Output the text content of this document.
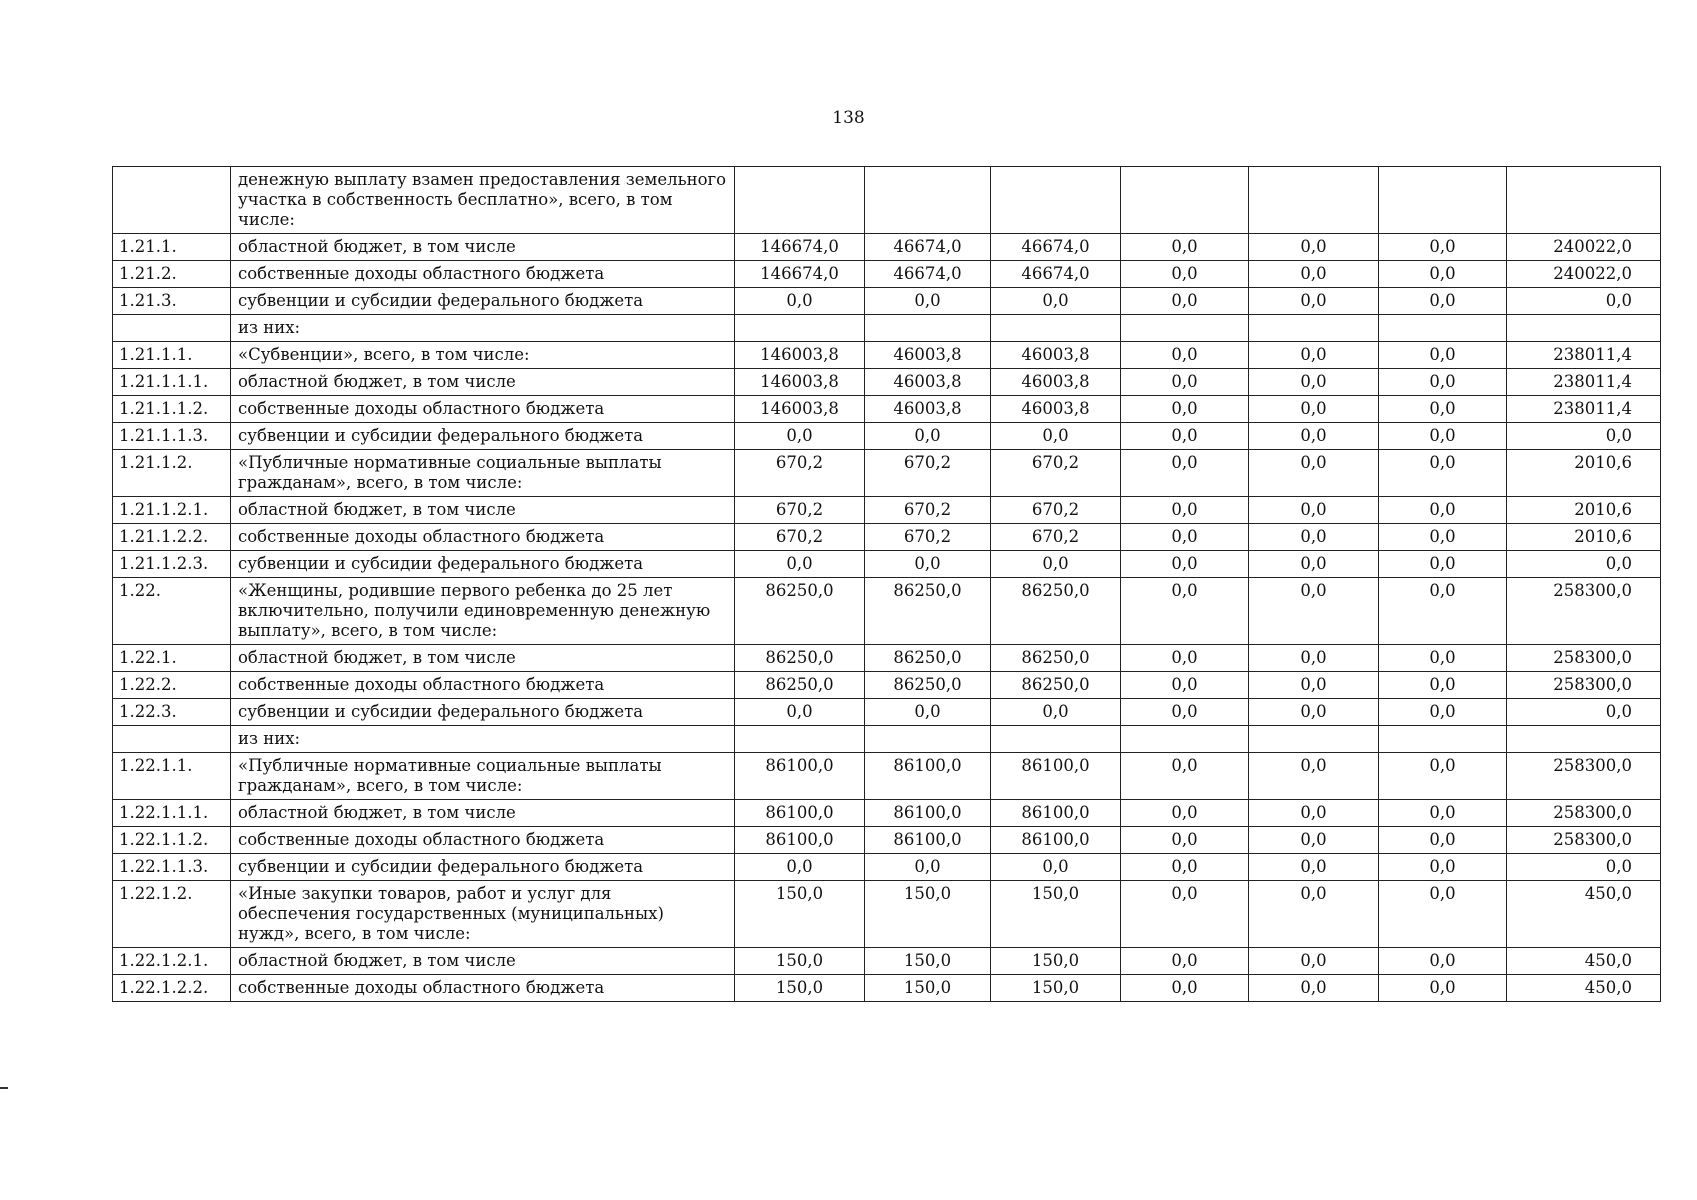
138
	денежную выплату взамен предоставления земельного участка в собственность бесплатно», всего, в том числе:							
1.21.1.	областной бюджет, в том числе	146674,0	46674,0	46674,0	0,0	0,0	0,0	240022,0
1.21.2.	собственные доходы областного бюджета	146674,0	46674,0	46674,0	0,0	0,0	0,0	240022,0
1.21.3.	субвенции и субсидии федерального бюджета	0,0	0,0	0,0	0,0	0,0	0,0	0,0
	из них:							
1.21.1.1.	«Субвенции», всего, в том числе:	146003,8	46003,8	46003,8	0,0	0,0	0,0	238011,4
1.21.1.1.1.	областной бюджет, в том числе	146003,8	46003,8	46003,8	0,0	0,0	0,0	238011,4
1.21.1.1.2.	собственные доходы областного бюджета	146003,8	46003,8	46003,8	0,0	0,0	0,0	238011,4
1.21.1.1.3.	субвенции и субсидии федерального бюджета	0,0	0,0	0,0	0,0	0,0	0,0	0,0
1.21.1.2.	«Публичные нормативные социальные выплаты гражданам», всего, в том числе:	670,2	670,2	670,2	0,0	0,0	0,0	2010,6
1.21.1.2.1.	областной бюджет, в том числе	670,2	670,2	670,2	0,0	0,0	0,0	2010,6
1.21.1.2.2.	собственные доходы областного бюджета	670,2	670,2	670,2	0,0	0,0	0,0	2010,6
1.21.1.2.3.	субвенции и субсидии федерального бюджета	0,0	0,0	0,0	0,0	0,0	0,0	0,0
1.22.	«Женщины, родившие первого ребенка до 25 лет включительно, получили единовременную денежную выплату», всего, в том числе:	86250,0	86250,0	86250,0	0,0	0,0	0,0	258300,0
1.22.1.	областной бюджет, в том числе	86250,0	86250,0	86250,0	0,0	0,0	0,0	258300,0
1.22.2.	собственные доходы областного бюджета	86250,0	86250,0	86250,0	0,0	0,0	0,0	258300,0
1.22.3.	субвенции и субсидии федерального бюджета	0,0	0,0	0,0	0,0	0,0	0,0	0,0
	из них:							
1.22.1.1.	«Публичные нормативные социальные выплаты гражданам», всего, в том числе:	86100,0	86100,0	86100,0	0,0	0,0	0,0	258300,0
1.22.1.1.1.	областной бюджет, в том числе	86100,0	86100,0	86100,0	0,0	0,0	0,0	258300,0
1.22.1.1.2.	собственные доходы областного бюджета	86100,0	86100,0	86100,0	0,0	0,0	0,0	258300,0
1.22.1.1.3.	субвенции и субсидии федерального бюджета	0,0	0,0	0,0	0,0	0,0	0,0	0,0
1.22.1.2.	«Иные закупки товаров, работ и услуг для обеспечения государственных (муниципальных) нужд», всего, в том числе:	150,0	150,0	150,0	0,0	0,0	0,0	450,0
1.22.1.2.1.	областной бюджет, в том числе	150,0	150,0	150,0	0,0	0,0	0,0	450,0
1.22.1.2.2.	собственные доходы областного бюджета	150,0	150,0	150,0	0,0	0,0	0,0	450,0
